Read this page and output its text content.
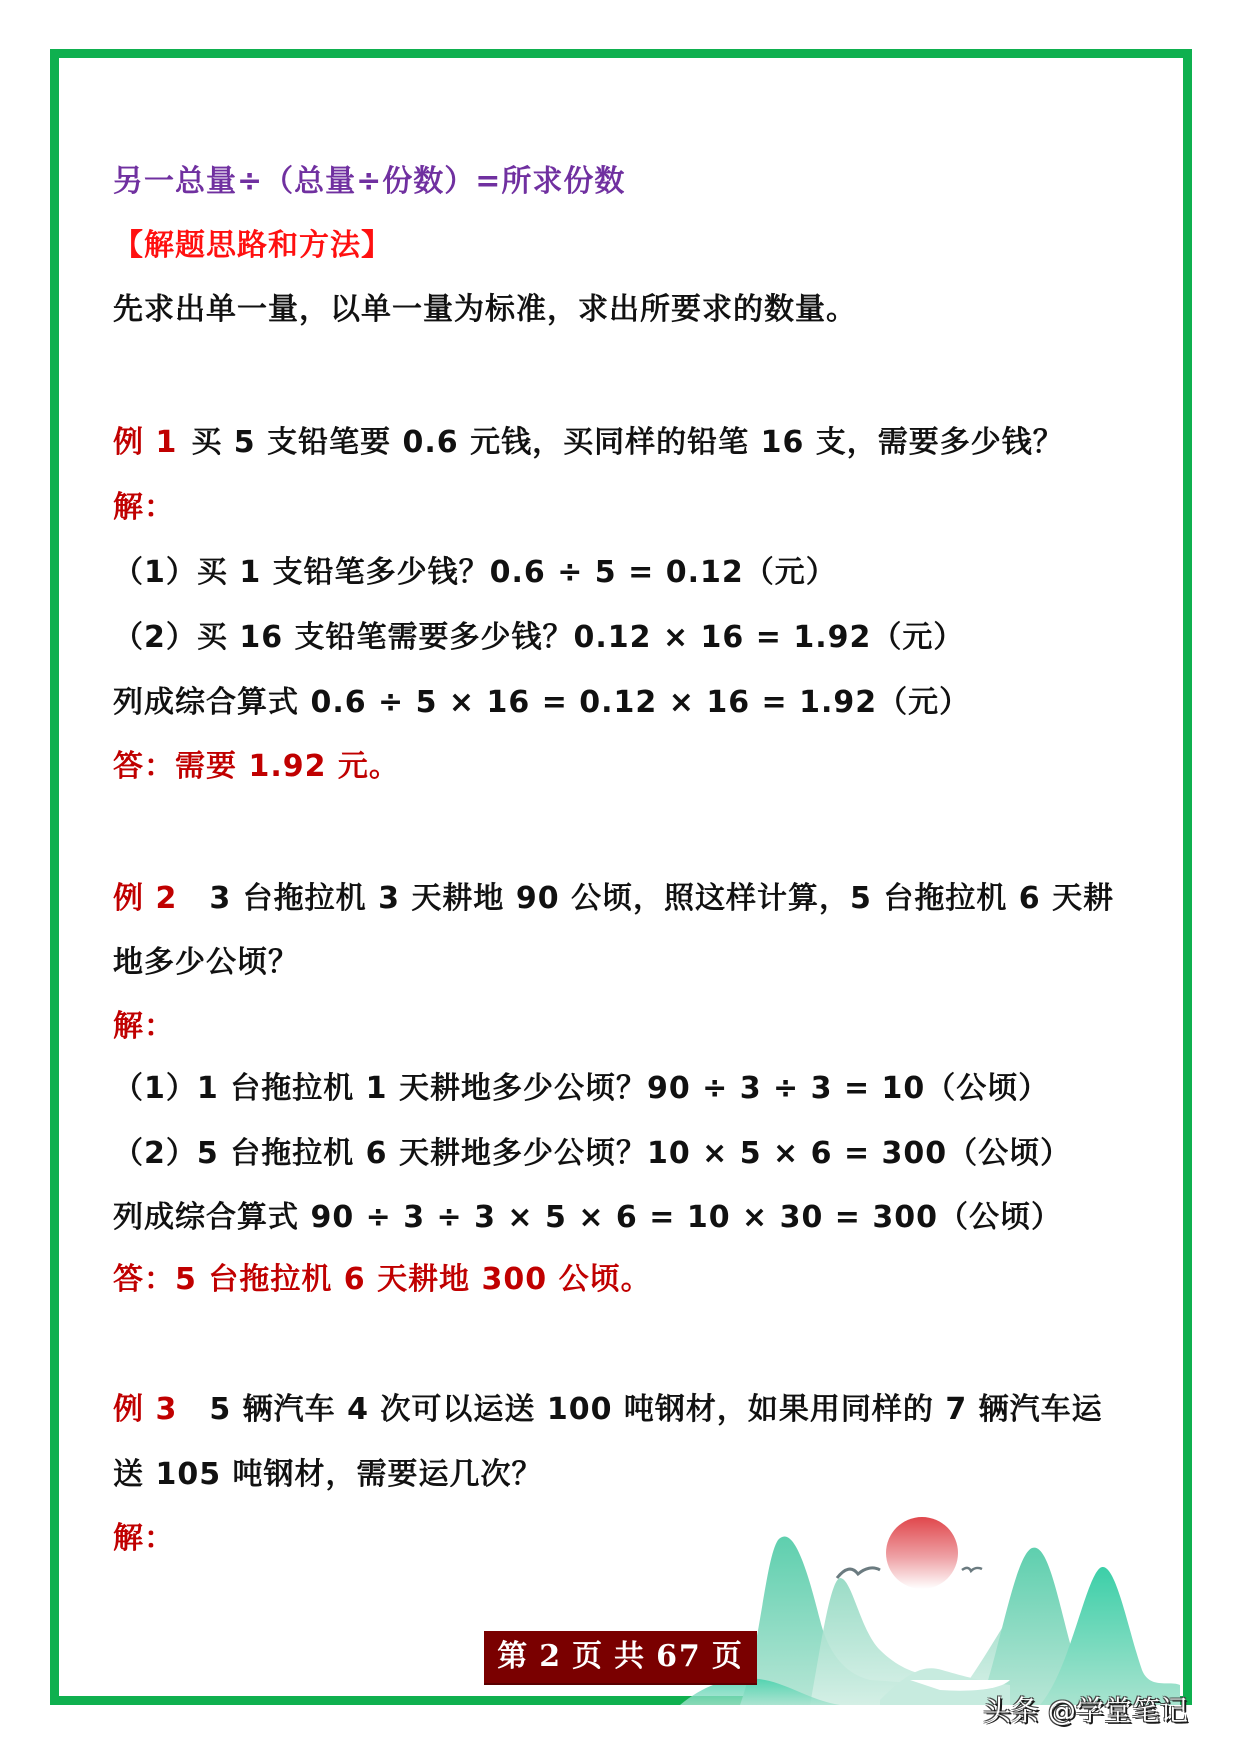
另一总量÷（总量÷份数）=所求份数
【解题思路和方法】
先求出单一量，以单一量为标准，求出所要求的数量。
例 1 买 5 支铅笔要 0.6 元钱，买同样的铅笔 16 支，需要多少钱？
解：
（1）买 1 支铅笔多少钱？0.6 ÷ 5 = 0.12（元）
（2）买 16 支铅笔需要多少钱？0.12 × 16 = 1.92（元）
列成综合算式 0.6 ÷ 5 × 16 = 0.12 × 16 = 1.92（元）
答：需要 1.92 元。
例 2 3 台拖拉机 3 天耕地 90 公顷，照这样计算，5 台拖拉机 6 天耕
地多少公顷？
解：
（1）1 台拖拉机 1 天耕地多少公顷？90 ÷ 3 ÷ 3 = 10（公顷）
（2）5 台拖拉机 6 天耕地多少公顷？10 × 5 × 6 = 300（公顷）
列成综合算式 90 ÷ 3 ÷ 3 × 5 × 6 = 10 × 30 = 300（公顷）
答：5 台拖拉机 6 天耕地 300 公顷。
例 3 5 辆汽车 4 次可以运送 100 吨钢材，如果用同样的 7 辆汽车运
送 105 吨钢材，需要运几次？
解：
第 2 页 共 67 页
头条 @学堂笔记
